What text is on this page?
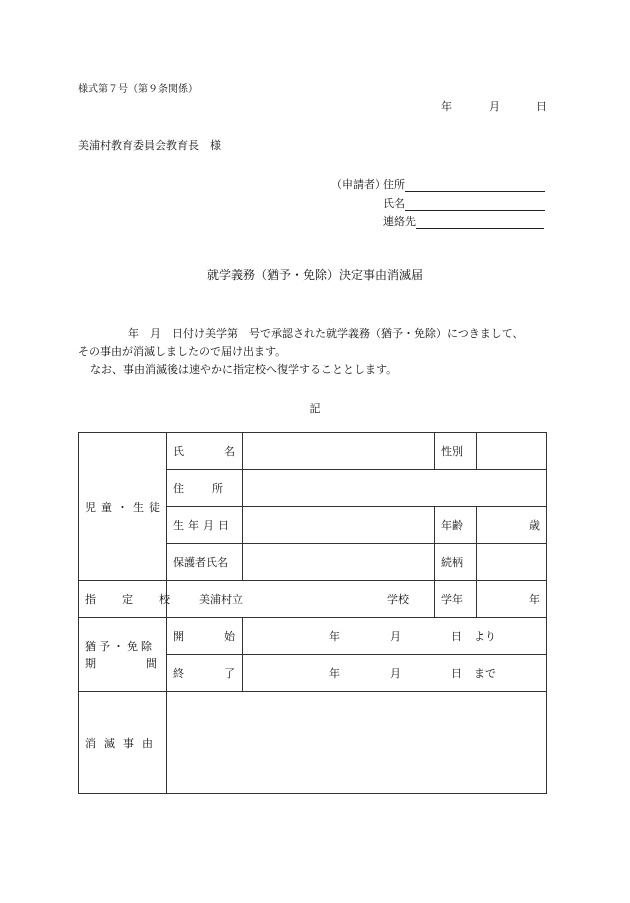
様式第７号（第９条関係）
年	月	日
美浦村教育委員会教育長　様
（申請者）
住所
氏名
連絡先
就学義務（猶予・免除）決定事由消滅届
年　月　日付け美学第　号で承認された就学義務（猶予・免除）につきまして、
その事由が消滅しましたので届け出ます。
なお、事由消滅後は速やかに指定校へ復学することとします。
記
児童・生徒	氏名		性別	
	住所			
	生年月日		年齢	歳
	保護者氏名		続柄	
指定校	美浦村立 学校		学年	年

猶予・免除
期間	開始	年 月 日 より		
	終了	年 月 日 まで		
消滅事由				
